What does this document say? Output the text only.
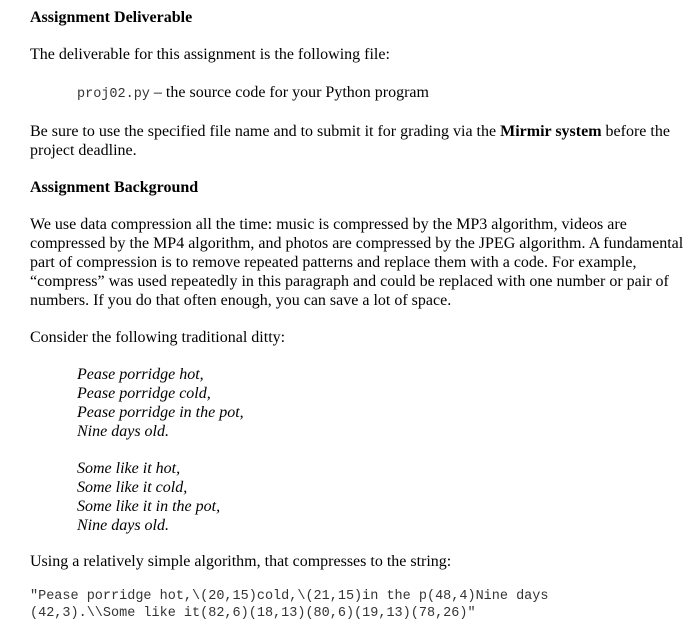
Assignment Deliverable
The deliverable for this assignment is the following file:
proj02.py – the source code for your Python program
Be sure to use the specified file name and to submit it for grading via the Mirmir system before the
project deadline.
Assignment Background
We use data compression all the time: music is compressed by the MP3 algorithm, videos are
compressed by the MP4 algorithm, and photos are compressed by the JPEG algorithm. A fundamental
part of compression is to remove repeated patterns and replace them with a code. For example,
“compress” was used repeatedly in this paragraph and could be replaced with one number or pair of
numbers. If you do that often enough, you can save a lot of space.
Consider the following traditional ditty:
Pease porridge hot,
Pease porridge cold,
Pease porridge in the pot,
Nine days old.
Some like it hot,
Some like it cold,
Some like it in the pot,
Nine days old.
Using a relatively simple algorithm, that compresses to the string:
"Pease porridge hot,\(20,15)cold,\(21,15)in the p(48,4)Nine days
(42,3).\\Some like it(82,6)(18,13)(80,6)(19,13)(78,26)"
